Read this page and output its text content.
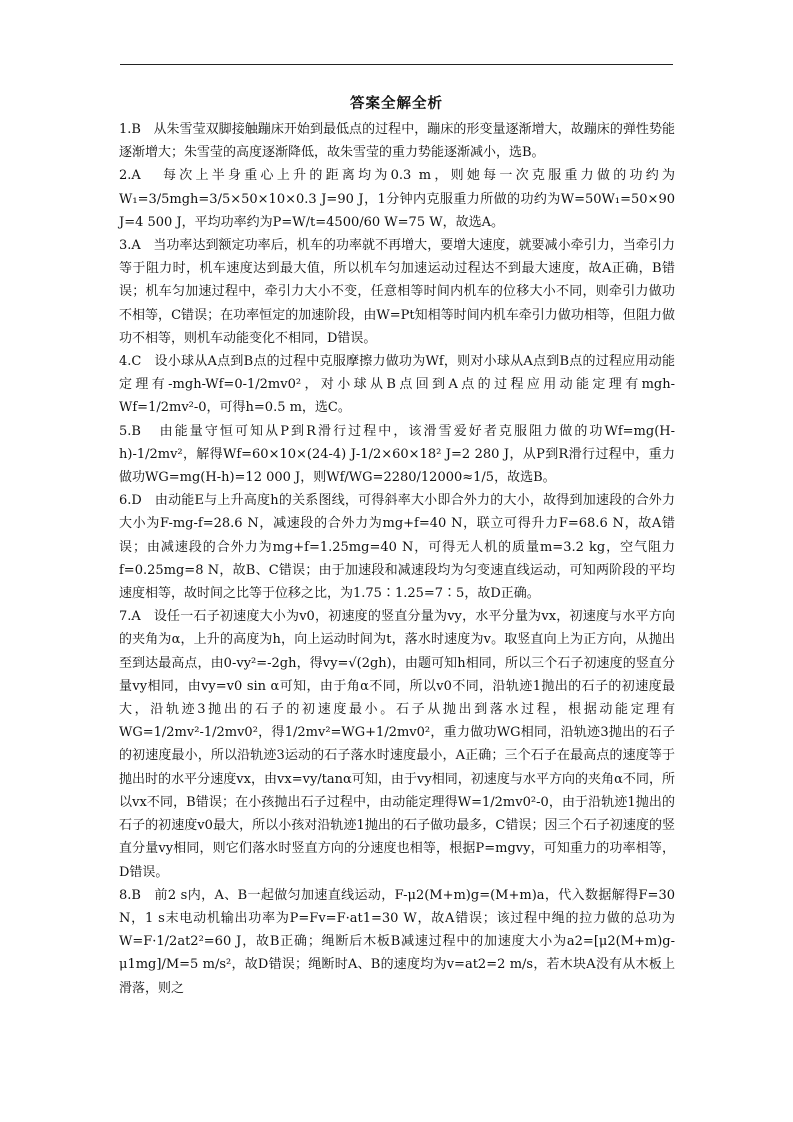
答案全解全析

1.B 从朱雪莹双脚接触蹦床开始到最低点的过程中，蹦床的形变量逐渐增大，故蹦床的弹性势能逐渐增大；朱雪莹的高度逐渐降低，故朱雪莹的重力势能逐渐减小，选B。

2.A 每次上半身重心上升的距离均为0.3 m，则她每一次克服重力做的功约为W₁=3/5mgh=3/5×50×10×0.3 J=90 J，1分钟内克服重力所做的功约为W=50W₁=50×90 J=4 500 J，平均功率约为P=W/t=4500/60 W=75 W，故选A。

3.A 当功率达到额定功率后，机车的功率就不再增大，要增大速度，就要减小牵引力，当牵引力等于阻力时，机车速度达到最大值，所以机车匀加速运动过程达不到最大速度，故A正确，B错误；机车匀加速过程中，牵引力大小不变，任意相等时间内机车的位移大小不同，则牵引力做功不相等，C错误；在功率恒定的加速阶段，由W=Pt知相等时间内机车牵引力做功相等，但阻力做功不相等，则机车动能变化不相同，D错误。

4.C 设小球从A点到B点的过程中克服摩擦力做功为Wf，则对小球从A点到B点的过程应用动能定理有-mgh-Wf=0-1/2mv0²，对小球从B点回到A点的过程应用动能定理有mgh-Wf=1/2mv²-0，可得h=0.5 m，选C。

5.B 由能量守恒可知从P到R滑行过程中，该滑雪爱好者克服阻力做的功Wf=mg(H-h)-1/2mv²，解得Wf=60×10×(24-4) J-1/2×60×18² J=2 280 J，从P到R滑行过程中，重力做功WG=mg(H-h)=12 000 J，则Wf/WG=2280/12000≈1/5，故选B。

6.D 由动能E与上升高度h的关系图线，可得斜率大小即合外力的大小，故得到加速段的合外力大小为F-mg-f=28.6 N，减速段的合外力为mg+f=40 N，联立可得升力F=68.6 N，故A错误；由减速段的合外力为mg+f=1.25mg=40 N，可得无人机的质量m=3.2 kg，空气阻力f=0.25mg=8 N，故B、C错误；由于加速段和减速段均为匀变速直线运动，可知两阶段的平均速度相等，故时间之比等于位移之比，为1.75∶1.25=7∶5，故D正确。

7.A 设任一石子初速度大小为v0，初速度的竖直分量为vy，水平分量为vx，初速度与水平方向的夹角为α，上升的高度为h，向上运动时间为t，落水时速度为v。取竖直向上为正方向，从抛出至到达最高点，由0-vy²=-2gh，得vy=√(2gh)，由题可知h相同，所以三个石子初速度的竖直分量vy相同，由vy=v0 sin α可知，由于角α不同，所以v0不同，沿轨迹1抛出的石子的初速度最大，沿轨迹3抛出的石子的初速度最小。石子从抛出到落水过程，根据动能定理有WG=1/2mv²-1/2mv0²，得1/2mv²=WG+1/2mv0²，重力做功WG相同，沿轨迹3抛出的石子的初速度最小，所以沿轨迹3运动的石子落水时速度最小，A正确；三个石子在最高点的速度等于抛出时的水平分速度vx，由vx=vy/tanα可知，由于vy相同，初速度与水平方向的夹角α不同，所以vx不同，B错误；在小孩抛出石子过程中，由动能定理得W=1/2mv0²-0，由于沿轨迹1抛出的石子的初速度v0最大，所以小孩对沿轨迹1抛出的石子做功最多，C错误；因三个石子初速度的竖直分量vy相同，则它们落水时竖直方向的分速度也相等，根据P=mgvy，可知重力的功率相等，D错误。

8.B 前2 s内，A、B一起做匀加速直线运动，F-μ2(M+m)g=(M+m)a，代入数据解得F=30 N，1 s末电动机输出功率为P=Fv=F·at1=30 W，故A错误；该过程中绳的拉力做的总功为W=F·1/2at2²=60 J，故B正确；绳断后木板B减速过程中的加速度大小为a2=[μ2(M+m)g-μ1mg]/M=5 m/s²，故D错误；绳断时A、B的速度均为v=at2=2 m/s，若木块A没有从木板上滑落，则之
